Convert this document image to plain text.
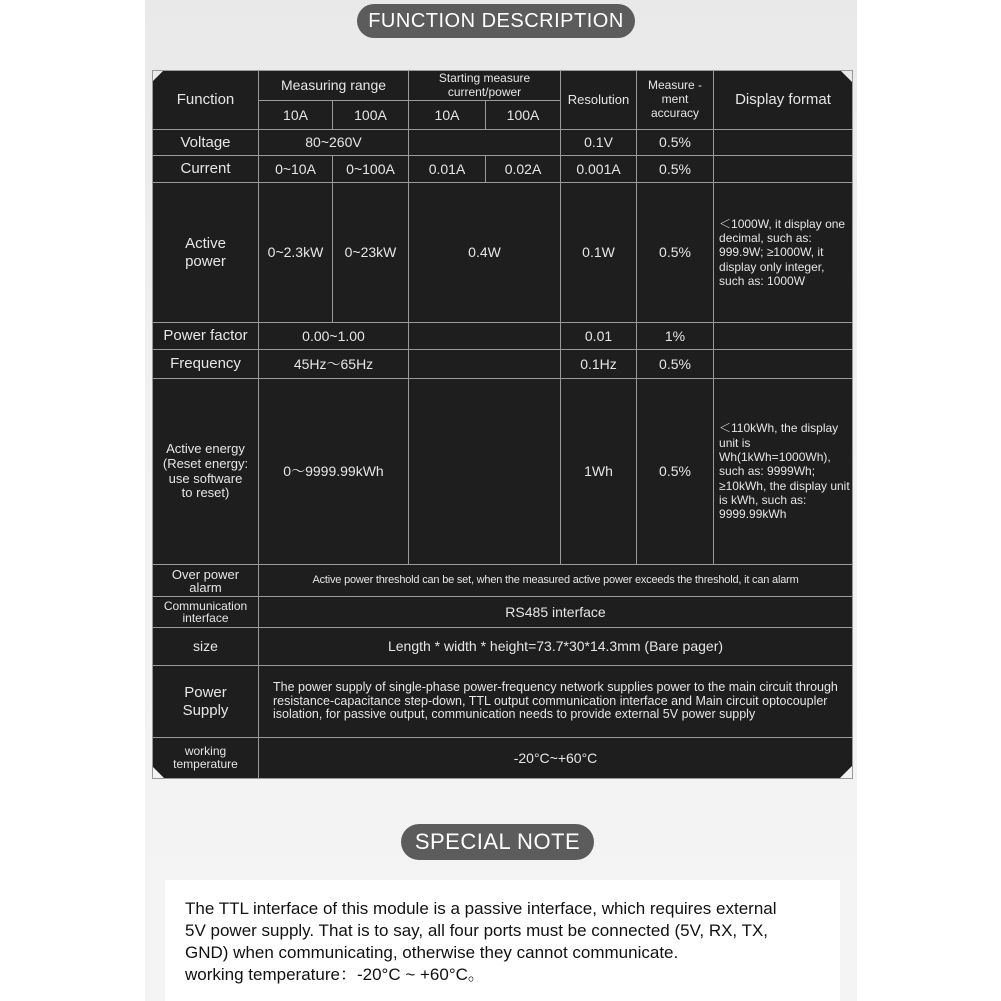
FUNCTION DESCRIPTION
Function	Measuring range		Starting measure current/power		Resolution	Measure -ment accuracy	Display format
	10A	100A	10A	100A			
Voltage	80~260V				0.1V	0.5%	
Current	0~10A	0~100A	0.01A	0.02A	0.001A	0.5%	
Active
power	0~2.3kW	0~23kW	0.4W		0.1W	0.5%	＜1000W, it display one decimal, such as: 999.9W; ≥1000W, it display only integer, such as: 1000W
Power factor	0.00~1.00				0.01	1%	
Frequency	45Hz～65Hz				0.1Hz	0.5%	
Active energy
(Reset energy:
use software
to reset)	0～9999.99kWh				1Wh	0.5%	＜110kWh, the display unit is Wh(1kWh=1000Wh), such as: 9999Wh; ≥10kWh, the display unit is kWh, such as: 9999.99kWh
Over power
alarm	Active power threshold can be set, when the measured active power exceeds the threshold, it can alarm						
Communication
interface	RS485 interface						
size	Length * width * height=73.7*30*14.3mm (Bare pager)						
Power
Supply	The power supply of single-phase power-frequency network supplies power to the main circuit through resistance-capacitance step-down, TTL output communication interface and Main circuit optocoupler isolation, for passive output, communication needs to provide external 5V power supply						
working
temperature	-20°C~+60°C						
SPECIAL NOTE

The TTL interface of this module is a passive interface, which requires external
5V power supply. That is to say, all four ports must be connected (5V, RX, TX,
GND) when communicating, otherwise they cannot communicate.
working temperature：-20°C ~ +60°C。
